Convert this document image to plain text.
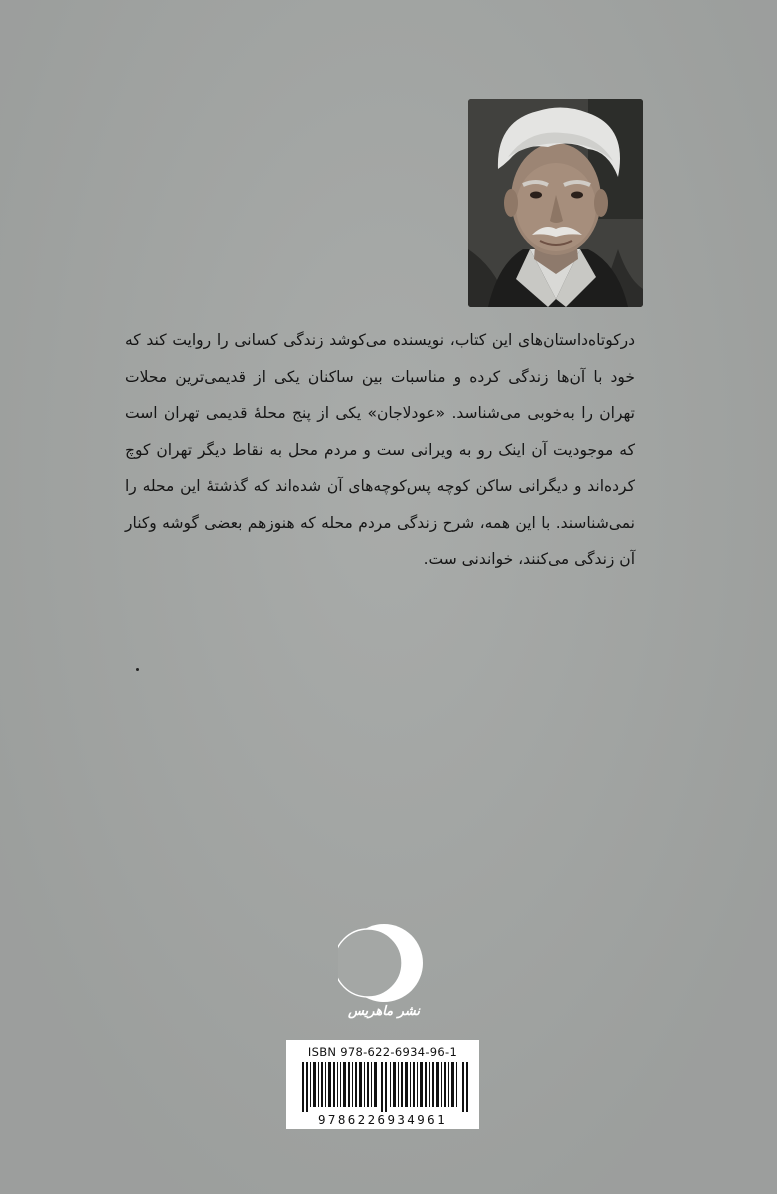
درکوتاه‌داستان‌های این کتاب، نویسنده می‌کوشد زندگی کسانی را روایت کند که خود با آن‌ها زندگی کرده و مناسبات بین ساکنان یکی از قدیمی‌ترین محلات تهران را به‌خوبی می‌شناسد. «عودلاجان» یکی از پنج محلهٔ قدیمی تهران است که موجودیت آن اینک رو به ویرانی ست و مردم محل به نقاط دیگر تهران کوچ کرده‌اند و دیگرانی ساکن کوچه پس‌کوچه‌های آن شده‌اند که گذشتهٔ این محله را نمی‌شناسند. با این همه، شرح زندگی مردم محله که هنوزهم بعضی گوشه وکنار آن زندگی می‌کنند، خواندنی ست.

نشر ماهریس
ISBN 978-622-6934-96-1
9786226934961
